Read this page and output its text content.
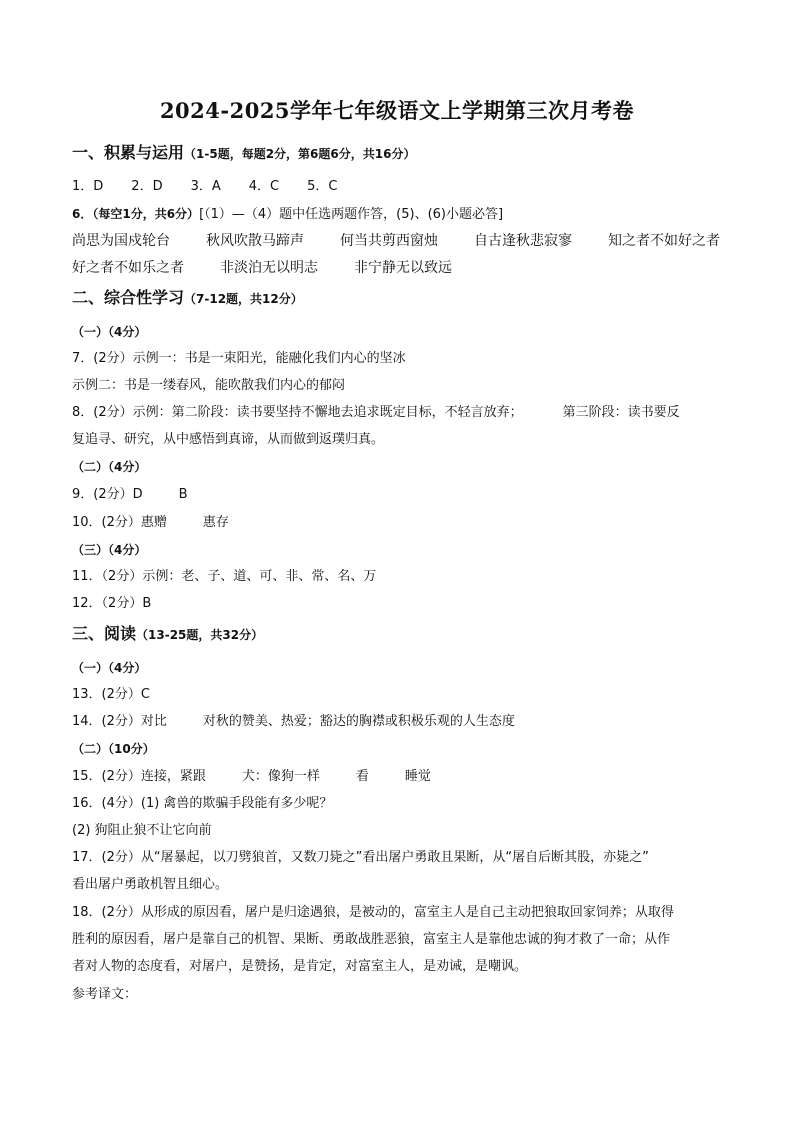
2024-2025学年七年级语文上学期第三次月考卷
一、积累与运用（1-5题，每题2分，第6题6分，共16分）
1．D 2．D 3．A 4．C 5．C
6．（每空1分，共6分）[（1）—（4）题中任选两题作答，(5)、(6)小题必答]
尚思为国戍轮台	秋风吹散马蹄声	何当共剪西窗烛	自古逢秋悲寂寥	知之者不如好之者
好之者不如乐之者	非淡泊无以明志	非宁静无以致远
二、综合性学习（7-12题，共12分）
（一）（4分）
7．(2分）示例一：书是一束阳光，能融化我们内心的坚冰
示例二：书是一缕春风，能吹散我们内心的郁闷
8．(2分）示例：第二阶段：读书要坚持不懈地去追求既定目标，不轻言放弃；	第三阶段：读书要反
复追寻、研究，从中感悟到真谛，从而做到返璞归真。
（二）（4分）
9．(2分）D	B
10．(2分）惠赠	惠存
（三）（4分）
11．（2分）示例：老、子、道、可、非、常、名、万
12．（2分）B
三、阅读（13-25题，共32分）
（一）（4分）
13．(2分）C
14．(2分）对比	对秋的赞美、热爱；豁达的胸襟或积极乐观的人生态度
（二）（10分）
15．(2分）连接，紧跟	犬：像狗一样	看	睡觉
16．(4分）(1) 禽兽的欺骗手段能有多少呢？
(2) 狗阻止狼不让它向前
17．(2分）从“屠暴起，以刀劈狼首，又数刀毙之”看出屠户勇敢且果断，从“屠自后断其股，亦毙之”
看出屠户勇敢机智且细心。
18．(2分）从形成的原因看，屠户是归途遇狼，是被动的，富室主人是自己主动把狼取回家饲养；从取得
胜利的原因看，屠户是靠自己的机智、果断、勇敢战胜恶狼，富室主人是靠他忠诚的狗才救了一命；从作
者对人物的态度看，对屠户，是赞扬，是肯定，对富室主人，是劝诫，是嘲讽。
参考译文：
